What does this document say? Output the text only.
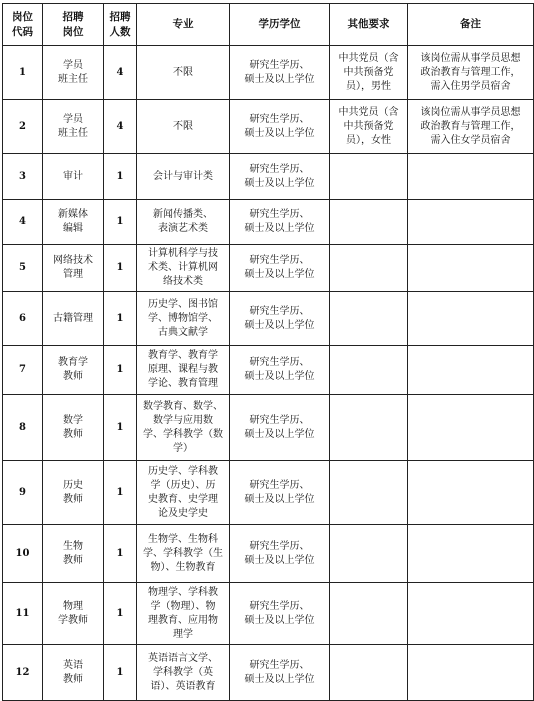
岗位
代码	招聘
岗位	招聘
人数	专业	学历学位	其他要求	备注

1	学员
班主任	4	不限	研究生学历、
硕士及以上学位	中共党员（含
中共预备党
员），男性	该岗位需从事学员思想
政治教育与管理工作，
需入住男学员宿舍

2	学员
班主任	4	不限	研究生学历、
硕士及以上学位	中共党员（含
中共预备党
员），女性	该岗位需从事学员思想
政治教育与管理工作，
需入住女学员宿舍

3	审计	1	会计与审计类	研究生学历、
硕士及以上学位		

4	新媒体
编辑	1	新闻传播类、
表演艺术类	研究生学历、
硕士及以上学位		

5	网络技术
管理	1	计算机科学与技
术类、计算机网
络技术类	研究生学历、
硕士及以上学位		

6	古籍管理	1	历史学、图书馆
学、博物馆学、
古典文献学	研究生学历、
硕士及以上学位		

7	教育学
教师	1	教育学、教育学
原理、课程与教
学论、教育管理	研究生学历、
硕士及以上学位		

8	数学
教师	1	数学教育、数学、
数学与应用数
学、学科教学（数
学）	研究生学历、
硕士及以上学位		

9	历史
教师	1	历史学、学科教
学（历史）、历
史教育、史学理
论及史学史	研究生学历、
硕士及以上学位		

10	生物
教师	1	生物学、生物科
学、学科教学（生
物）、生物教育	研究生学历、
硕士及以上学位		

11	物理
学教师	1	物理学、学科教
学（物理）、物
理教育、应用物
理学	研究生学历、
硕士及以上学位		

12	英语
教师	1	英语语言文学、
学科教学（英
语）、英语教育	研究生学历、
硕士及以上学位		
